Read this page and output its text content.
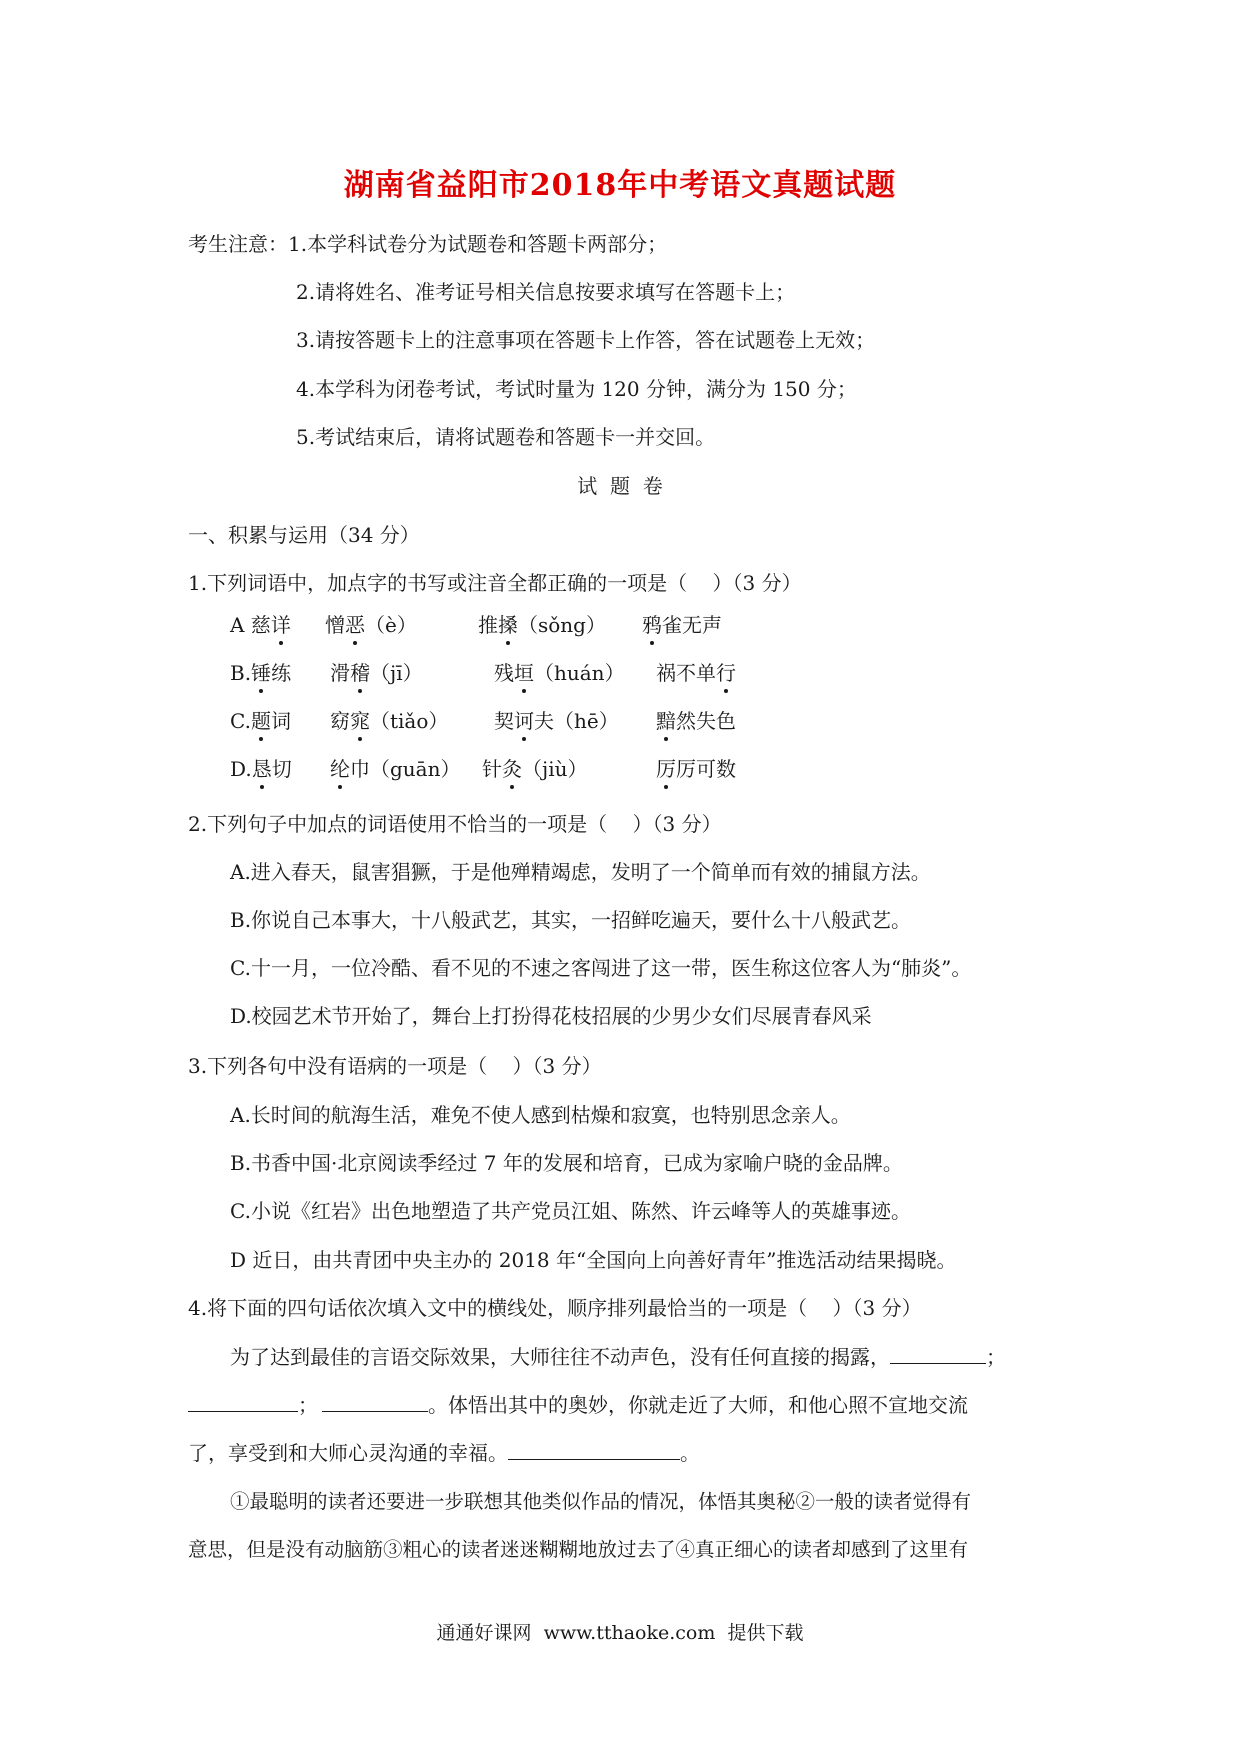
湖南省益阳市2018年中考语文真题试题
考生注意：1.本学科试卷分为试题卷和答题卡两部分；
2.请将姓名、准考证号相关信息按要求填写在答题卡上；
3.请按答题卡上的注意事项在答题卡上作答，答在试题卷上无效；
4.本学科为闭卷考试，考试时量为 120 分钟，满分为 150 分；
5.考试结束后，请将试题卷和答题卡一并交回。
试  题  卷
一、积累与运用（34 分）
1.下列词语中，加点字的书写或注音全都正确的一项是（    ）（3 分）
A 慈详 憎恶（è）	推搡（sǒng） 鸦雀无声
B.锤练 滑稽（jī）	残垣（huán） 祸不单行
C.题词 窈窕（tiǎo） 契诃夫（hē） 黯然失色
D.恳切 纶巾（guān） 针灸（jiù）	厉厉可数
2.下列句子中加点的词语使用不恰当的一项是（    ）（3 分）
A.进入春天，鼠害猖獗，于是他殚精竭虑，发明了一个简单而有效的捕鼠方法。
B.你说自己本事大，十八般武艺，其实，一招鲜吃遍天，要什么十八般武艺。
C.十一月，一位冷酷、看不见的不速之客闯进了这一带，医生称这位客人为“肺炎”。
D.校园艺术节开始了，舞台上打扮得花枝招展的少男少女们尽展青春风采
3.下列各句中没有语病的一项是（    ）（3 分）
A.长时间的航海生活，难免不使人感到枯燥和寂寞，也特别思念亲人。
B.书香中国·北京阅读季经过 7 年的发展和培育，已成为家喻户晓的金品牌。
C.小说《红岩》出色地塑造了共产党员江姐、陈然、许云峰等人的英雄事迹。
D 近日，由共青团中央主办的 2018 年“全国向上向善好青年”推选活动结果揭晓。
4.将下面的四句话依次填入文中的横线处，顺序排列最恰当的一项是（    ）（3 分）
为了达到最佳的言语交际效果，大师往往不动声色，没有任何直接的揭露，	；
；	。体悟出其中的奥妙，你就走近了大师，和他心照不宣地交流
了，享受到和大师心灵沟通的幸福。	。
①最聪明的读者还要进一步联想其他类似作品的情况，体悟其奥秘②一般的读者觉得有
意思，但是没有动脑筋③粗心的读者迷迷糊糊地放过去了④真正细心的读者却感到了这里有
通通好课网  www.tthaoke.com  提供下载
